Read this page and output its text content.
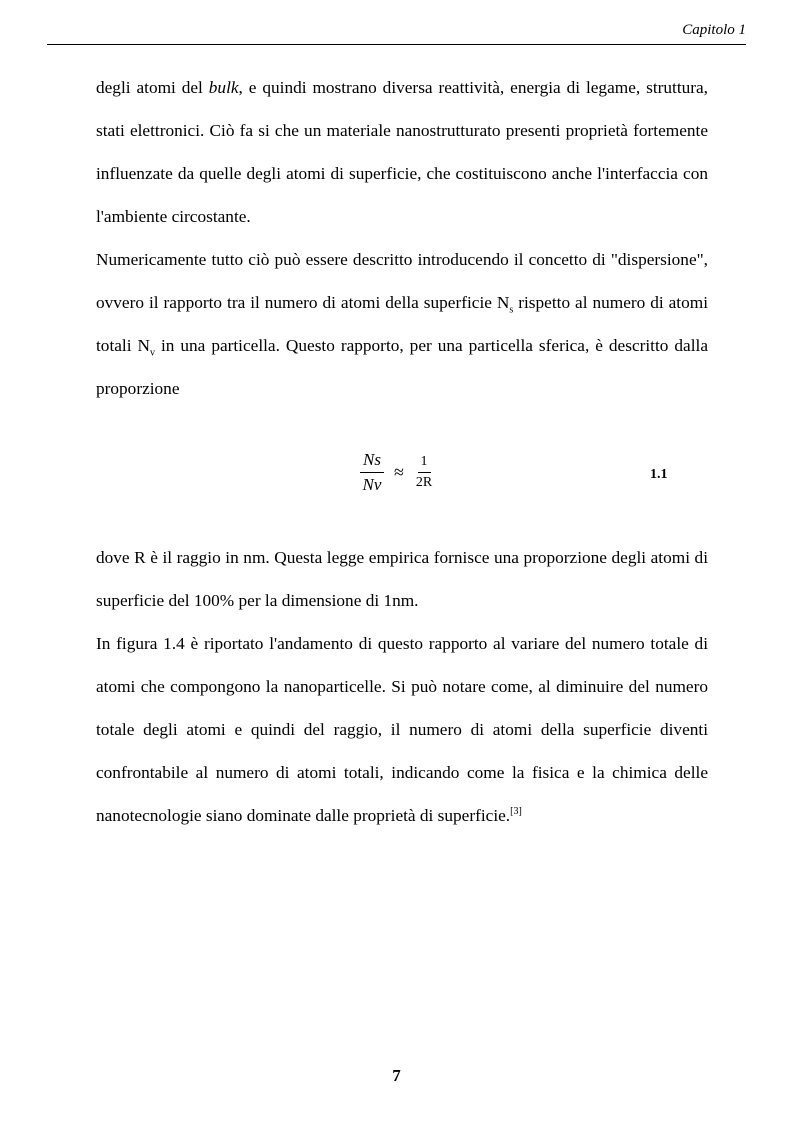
Capitolo 1

degli atomi del bulk, e quindi mostrano diversa reattività, energia di legame, struttura, stati elettronici. Ciò fa si che un materiale nanostrutturato presenti proprietà fortemente influenzate da quelle degli atomi di superficie, che costituiscono anche l'interfaccia con l'ambiente circostante.

Numericamente tutto ciò può essere descritto introducendo il concetto di "dispersione", ovvero il rapporto tra il numero di atomi della superficie $N_s$ rispetto al numero di atomi totali $N_v$ in una particella. Questo rapporto, per una particella sferica, è descritto dalla proporzione

$\frac{Ns}{Nv} \approx \frac{1}{2R}$	1.1

dove R è il raggio in nm. Questa legge empirica fornisce una proporzione degli atomi di superficie del 100% per la dimensione di 1nm.

In figura 1.4 è riportato l'andamento di questo rapporto al variare del numero totale di atomi che compongono la nanoparticelle. Si può notare come, al diminuire del numero totale degli atomi e quindi del raggio, il numero di atomi della superficie diventi confrontabile al numero di atomi totali, indicando come la fisica e la chimica delle nanotecnologie siano dominate dalle proprietà di superficie.[3]

7
